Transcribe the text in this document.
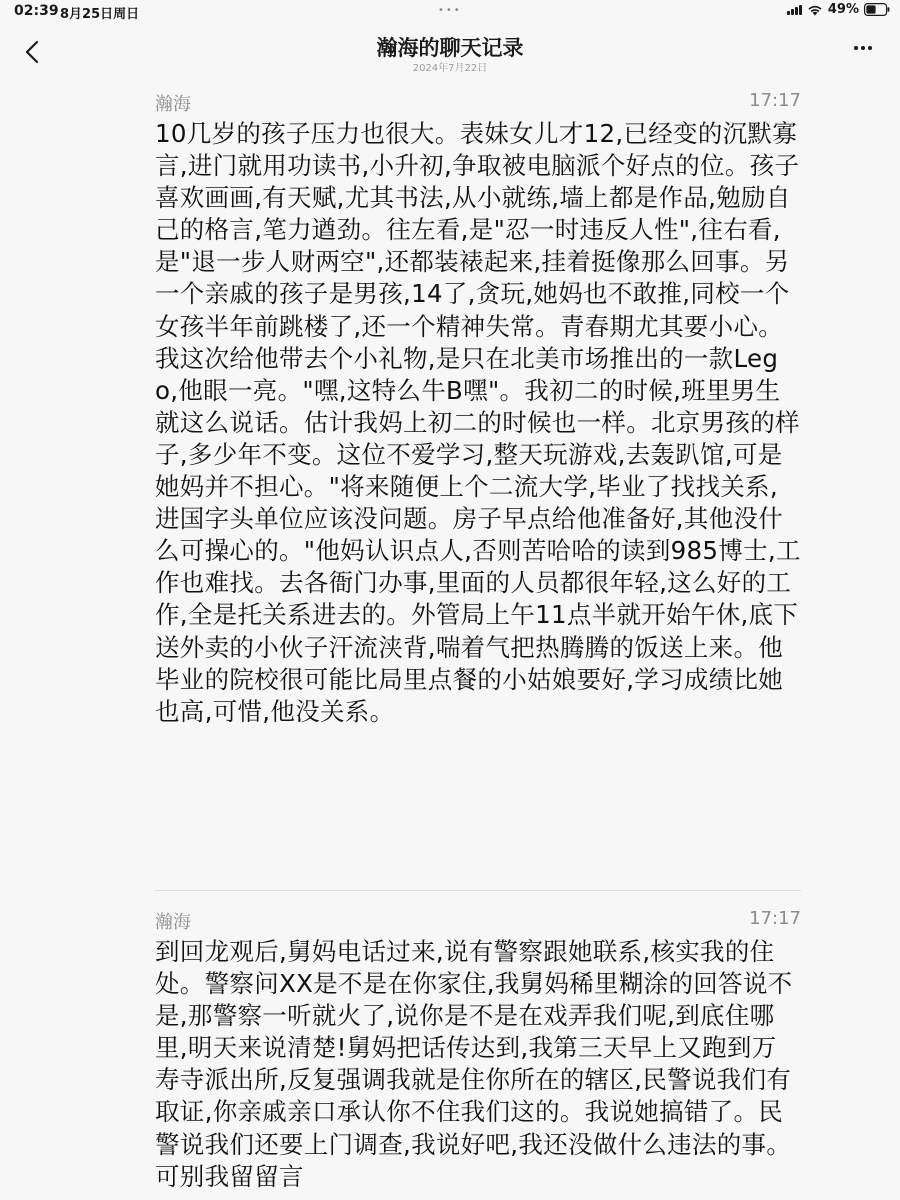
02:39 8月25日周日	•••	49%
瀚海的聊天记录
2024年7月22日
瀚海	17:17

10几岁的孩子压力也很大。表妹女儿才12,已经变的沉默寡言,进门就用功读书,小升初,争取被电脑派个好点的位。孩子喜欢画画,有天赋,尤其书法,从小就练,墙上都是作品,勉励自己的格言,笔力遒劲。往左看,是"忍一时违反人性",往右看,是"退一步人财两空",还都装裱起来,挂着挺像那么回事。另一个亲戚的孩子是男孩,14了,贪玩,她妈也不敢推,同校一个女孩半年前跳楼了,还一个精神失常。青春期尤其要小心。我这次给他带去个小礼物,是只在北美市场推出的一款Lego,他眼一亮。"嘿,这特么牛B嘿"。我初二的时候,班里男生就这么说话。估计我妈上初二的时候也一样。北京男孩的样子,多少年不变。这位不爱学习,整天玩游戏,去轰趴馆,可是她妈并不担心。"将来随便上个二流大学,毕业了找找关系,进国字头单位应该没问题。房子早点给他准备好,其他没什么可操心的。"他妈认识点人,否则苦哈哈的读到985博士,工作也难找。去各衙门办事,里面的人员都很年轻,这么好的工作,全是托关系进去的。外管局上午11点半就开始午休,底下送外卖的小伙子汗流浃背,喘着气把热腾腾的饭送上来。他毕业的院校很可能比局里点餐的小姑娘要好,学习成绩比她也高,可惜,他没关系。

瀚海	17:17

到回龙观后,舅妈电话过来,说有警察跟她联系,核实我的住处。警察问XX是不是在你家住,我舅妈稀里糊涂的回答说不是,那警察一听就火了,说你是不是在戏弄我们呢,到底住哪里,明天来说清楚!舅妈把话传达到,我第三天早上又跑到万寿寺派出所,反复强调我就是住你所在的辖区,民警说我们有取证,你亲戚亲口承认你不住我们这的。我说她搞错了。民警说我们还要上门调查,我说好吧,我还没做什么违法的事。可别我留留言
